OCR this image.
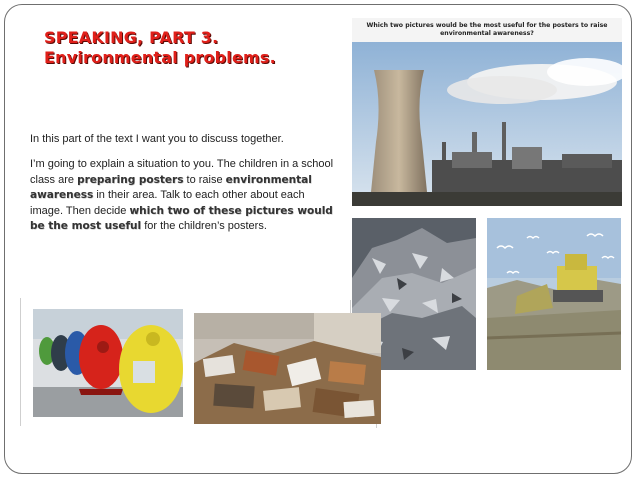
SPEAKING, PART 3.
Environmental problems.

In this part of the text I want you to discuss together.

I’m going to explain a situation to you. The children in a school class are preparing posters to raise environmental awareness in their area. Talk to each other about each image. Then decide which two of these pictures would be the most useful for the children’s posters.

Which two pictures would be the most useful for the posters to raise
environmental awareness?
